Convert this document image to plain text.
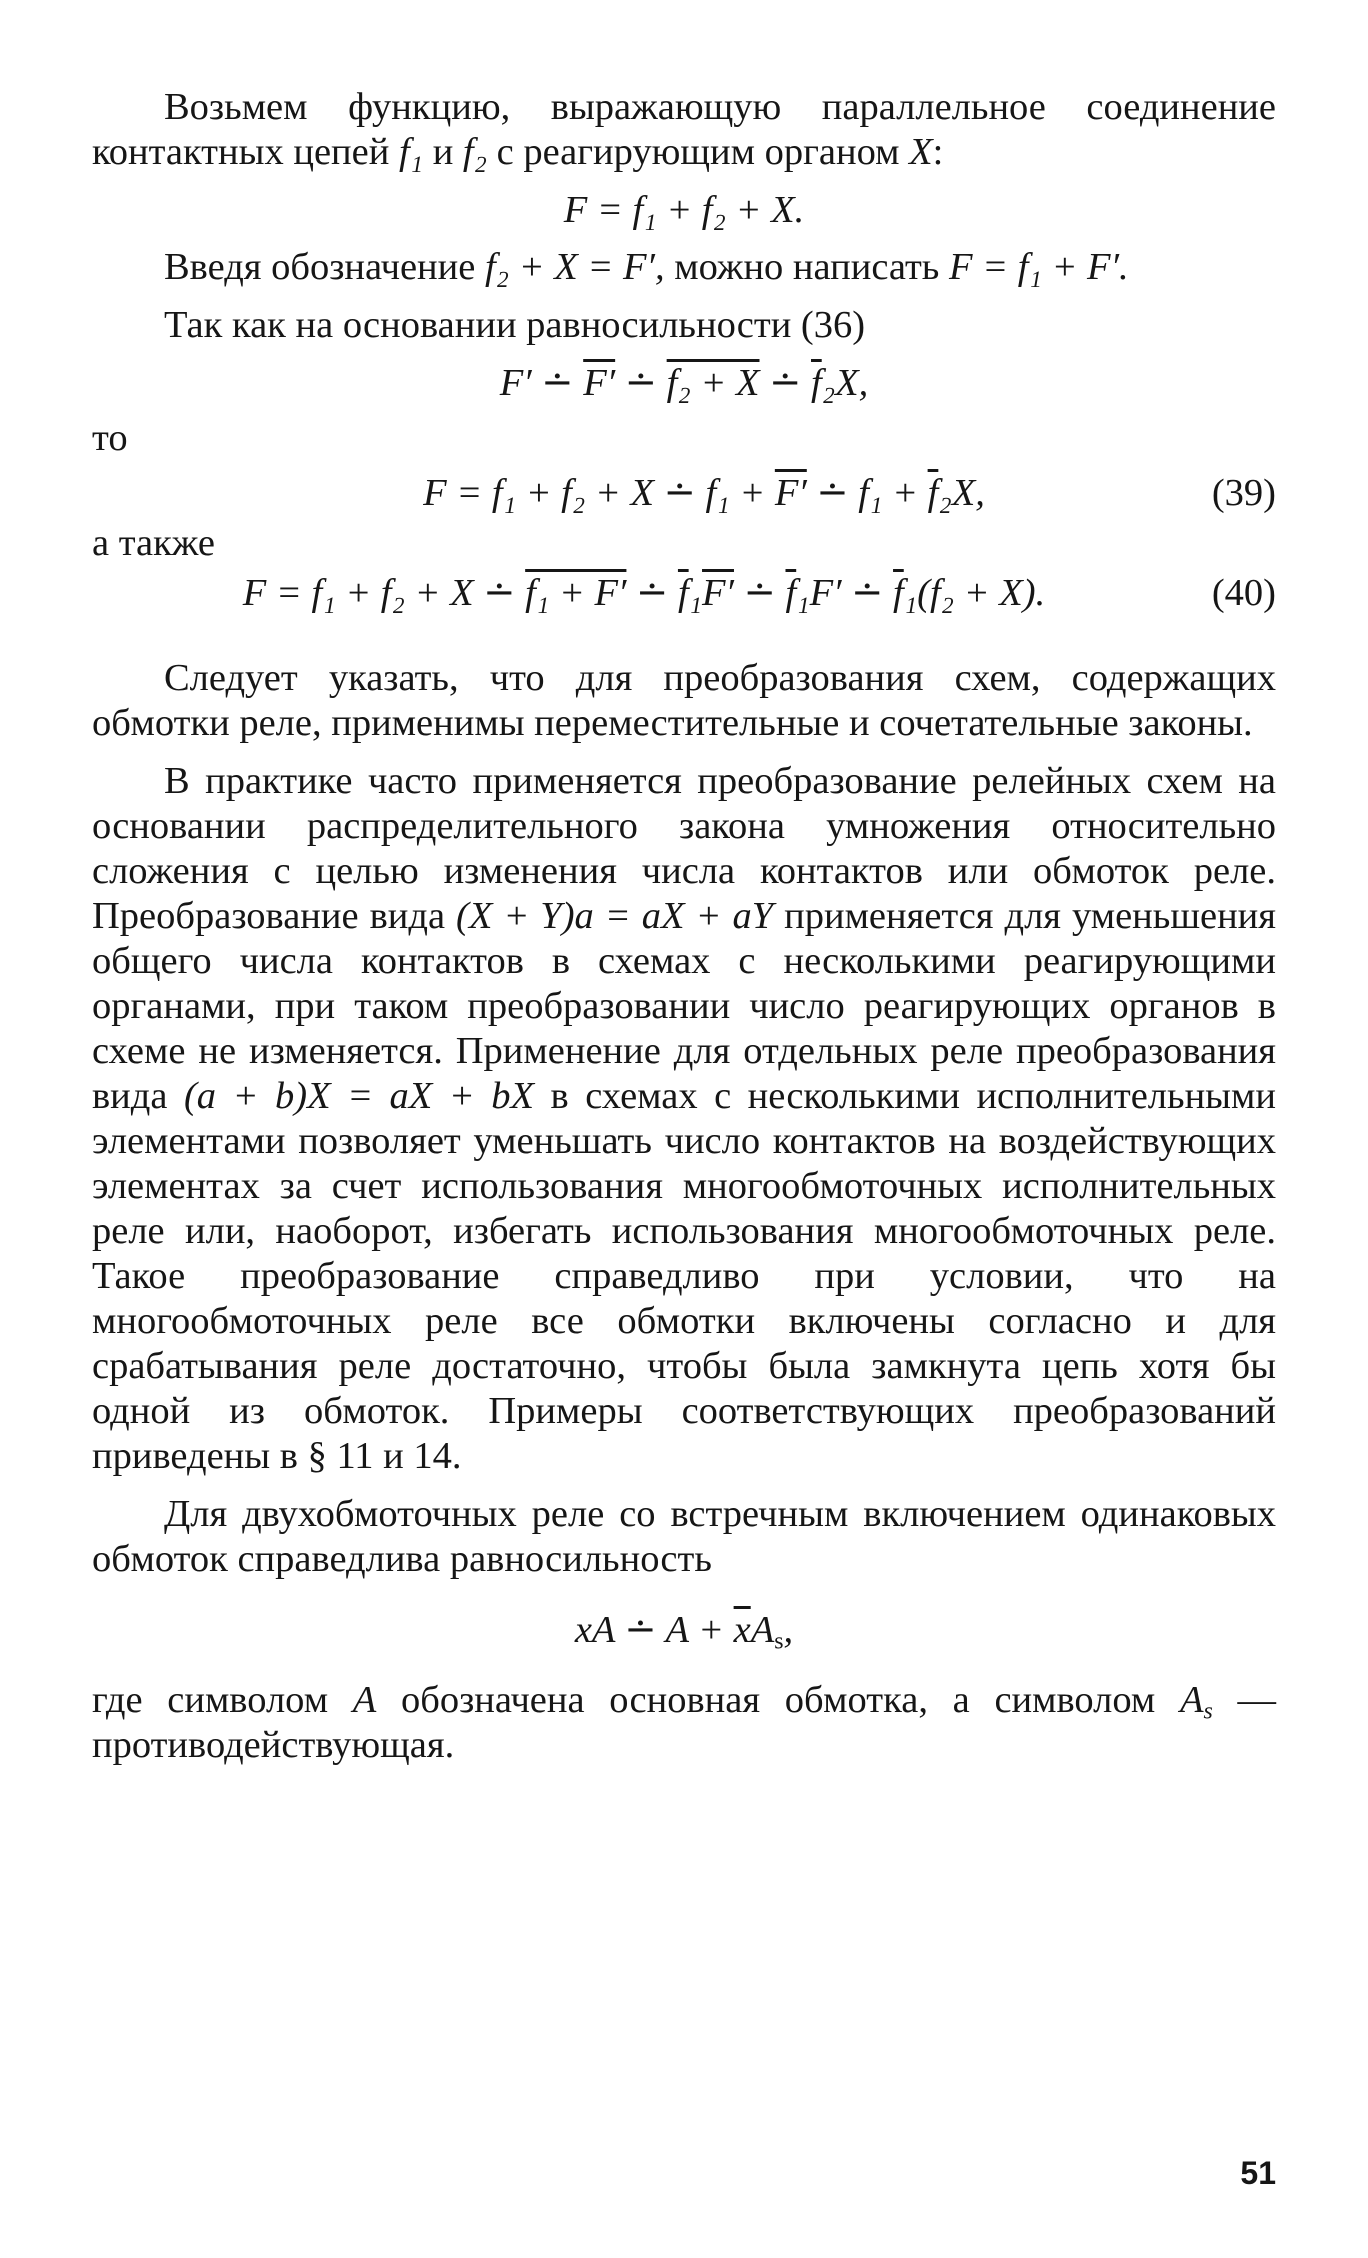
Возьмем функцию, выражающую параллельное соединение контактных цепей f₁ и f₂ с реагирующим органом X:

F = f₁ + f₂ + X.

Введя обозначение f₂ + X = F′, можно написать F = f₁ + F′.

Так как на основании равносильности (36)

F′ ∸ F′ ∸ f₂ + X ∸ $\overline{f}_2X$,
то
F = f₁ + f₂ + X ∸ f₁ + F′ ∸ $f_1 + \overline{f}_2X$,	(39)
а также
F = f₁ + f₂ + X ∸ f₁ + F′ ∸ $\overline{f}_1F'$ ∸ $\overline{f}_1F'$ ∸ $\overline{f}_1(f_2 + X)$.	(40)

Следует указать, что для преобразования схем, содержащих обмотки реле, применимы переместительные и сочетательные законы.

В практике часто применяется преобразование релейных схем на основании распределительного закона умножения относительно сложения с целью изменения числа контактов или обмоток реле. Преобразование вида (X + Y)a = aX + aY применяется для уменьшения общего числа контактов в схемах с несколькими реагирующими органами, при таком преобразовании число реагирующих органов в схеме не изменяется. Применение для отдельных реле преобразования вида (a + b)X = aX + bX в схемах с несколькими исполнительными элементами позволяет уменьшать число контактов на воздействующих элементах за счет использования многообмоточных исполнительных реле или, наоборот, избегать использования многообмоточных реле. Такое преобразование справедливо при условии, что на многообмоточных реле все обмотки включены согласно и для срабатывания реле достаточно, чтобы была замкнута цепь хотя бы одной из обмоток. Примеры соответствующих преобразований приведены в § 11 и 14.

Для двухобмоточных реле со встречным включением одинаковых обмоток справедлива равносильность

xA ∸ $A + \overline{x}A_s$,

где символом A обозначена основная обмотка, а символом $A_s$ — противодействующая.

51
